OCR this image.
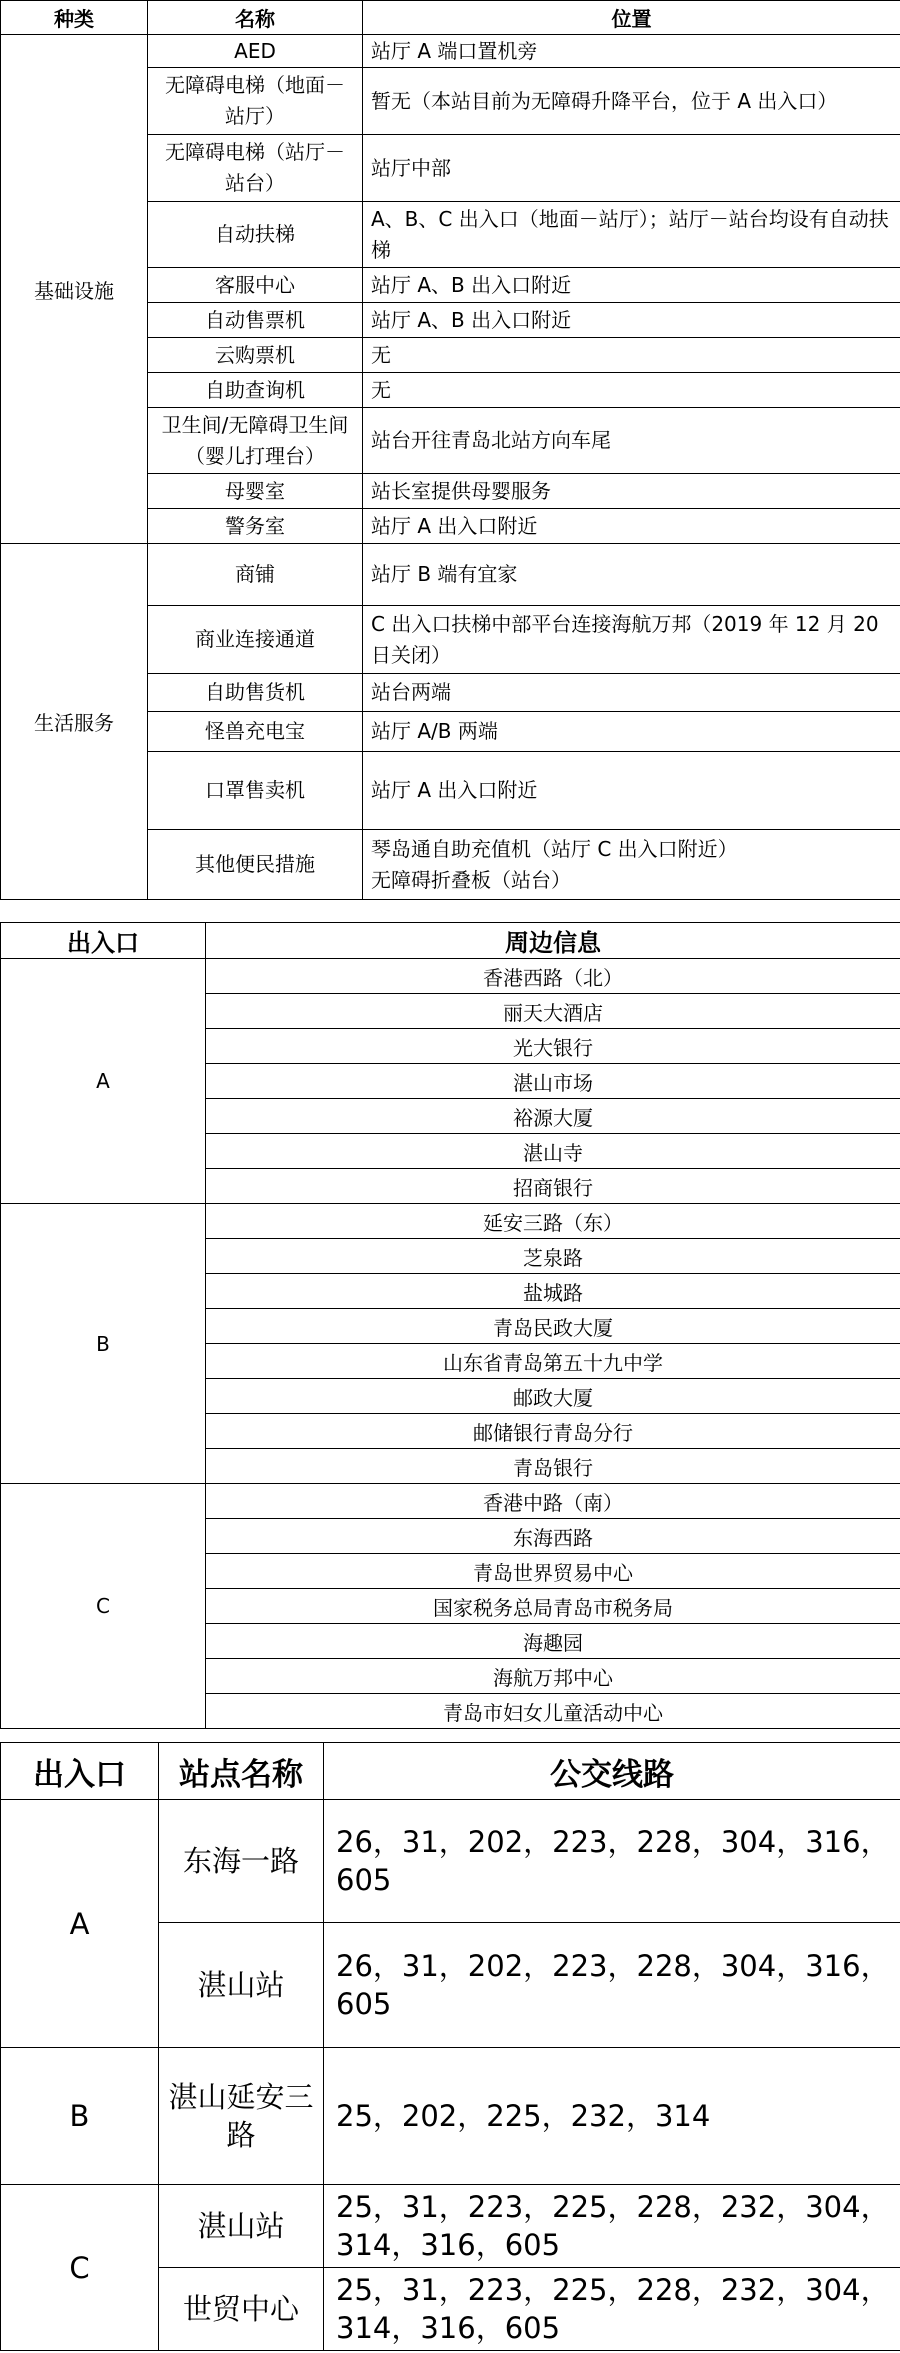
种类	名称	位置
基础设施	AED	站厅 A 端口置机旁
	无障碍电梯（地面－站厅）	暂无（本站目前为无障碍升降平台，位于 A 出入口）
	无障碍电梯（站厅－站台）	站厅中部
	自动扶梯	A、B、C 出入口（地面－站厅）；站厅－站台均设有自动扶梯
	客服中心	站厅 A、B 出入口附近
	自动售票机	站厅 A、B 出入口附近
	云购票机	无
	自助查询机	无
	卫生间/无障碍卫生间（婴儿打理台）	站台开往青岛北站方向车尾
	母婴室	站长室提供母婴服务
	警务室	站厅 A 出入口附近
生活服务	商铺	站厅 B 端有宜家
	商业连接通道	C 出入口扶梯中部平台连接海航万邦（2019 年 12 月 20 日关闭）
	自助售货机	站台两端
	怪兽充电宝	站厅 A/B 两端
	口罩售卖机	站厅 A 出入口附近
	其他便民措施	琴岛通自助充值机（站厅 C 出入口附近）
无障碍折叠板（站台）
出入口	周边信息
A	香港西路（北）
	丽天大酒店
	光大银行
	湛山市场
	裕源大厦
	湛山寺
	招商银行
B	延安三路（东）
	芝泉路
	盐城路
	青岛民政大厦
	山东省青岛第五十九中学
	邮政大厦
	邮储银行青岛分行
	青岛银行
C	香港中路（南）
	东海西路
	青岛世界贸易中心
	国家税务总局青岛市税务局
	海趣园
	海航万邦中心
	青岛市妇女儿童活动中心
出入口	站点名称	公交线路
A	东海一路	26，31，202，223，228，304，316，605
	湛山站	26，31，202，223，228，304，316，605
B	湛山延安三路	25，202，225，232，314
C	湛山站	25，31，223，225，228，232，304，314，316，605
	世贸中心	25，31，223，225，228，232，304，314，316，605
